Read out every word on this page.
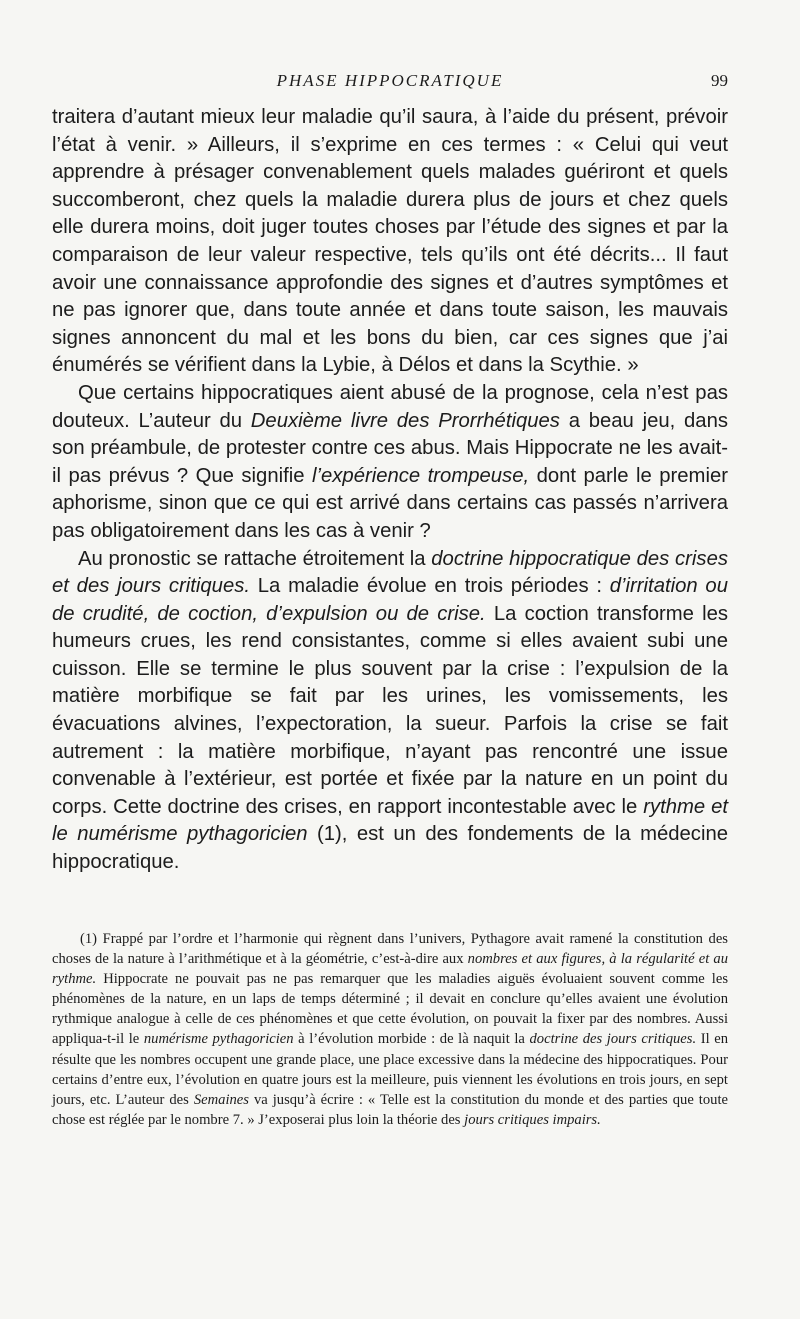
PHASE HIPPOCRATIQUE	99

traitera d’autant mieux leur maladie qu’il saura, à l’aide du présent, prévoir l’état à venir. » Ailleurs, il s’exprime en ces termes : « Celui qui veut apprendre à présager convenablement quels malades guériront et quels succomberont, chez quels la maladie durera plus de jours et chez quels elle durera moins, doit juger toutes choses par l’étude des signes et par la comparaison de leur valeur respective, tels qu’ils ont été décrits... Il faut avoir une connaissance approfondie des signes et d’autres symptômes et ne pas ignorer que, dans toute année et dans toute saison, les mauvais signes annoncent du mal et les bons du bien, car ces signes que j’ai énumérés se vérifient dans la Lybie, à Délos et dans la Scythie. »

Que certains hippocratiques aient abusé de la prognose, cela n’est pas douteux. L’auteur du Deuxième livre des Prorrhétiques a beau jeu, dans son préambule, de protester contre ces abus. Mais Hippocrate ne les avait-il pas prévus ? Que signifie l’expérience trompeuse, dont parle le premier aphorisme, sinon que ce qui est arrivé dans certains cas passés n’arrivera pas obligatoirement dans les cas à venir ?

Au pronostic se rattache étroitement la doctrine hippocratique des crises et des jours critiques. La maladie évolue en trois périodes : d’irritation ou de crudité, de coction, d’expulsion ou de crise. La coction transforme les humeurs crues, les rend consistantes, comme si elles avaient subi une cuisson. Elle se termine le plus souvent par la crise : l’expulsion de la matière morbifique se fait par les urines, les vomissements, les évacuations alvines, l’expectoration, la sueur. Parfois la crise se fait autrement : la matière morbifique, n’ayant pas rencontré une issue convenable à l’extérieur, est portée et fixée par la nature en un point du corps. Cette doctrine des crises, en rapport incontestable avec le rythme et le numérisme pythagoricien (1), est un des fondements de la médecine hippocratique.

(1) Frappé par l’ordre et l’harmonie qui règnent dans l’univers, Pythagore avait ramené la constitution des choses de la nature à l’arithmétique et à la géométrie, c’est-à-dire aux nombres et aux figures, à la régularité et au rythme. Hippocrate ne pouvait pas ne pas remarquer que les maladies aiguës évoluaient souvent comme les phénomènes de la nature, en un laps de temps déterminé ; il devait en conclure qu’elles avaient une évolution rythmique analogue à celle de ces phénomènes et que cette évolution, on pouvait la fixer par des nombres. Aussi appliqua-t-il le numérisme pythagoricien à l’évolution morbide : de là naquit la doctrine des jours critiques. Il en résulte que les nombres occupent une grande place, une place excessive dans la médecine des hippocratiques. Pour certains d’entre eux, l’évolution en quatre jours est la meilleure, puis viennent les évolutions en trois jours, en sept jours, etc. L’auteur des Semaines va jusqu’à écrire : « Telle est la constitution du monde et des parties que toute chose est réglée par le nombre 7. » J’exposerai plus loin la théorie des jours critiques impairs.
